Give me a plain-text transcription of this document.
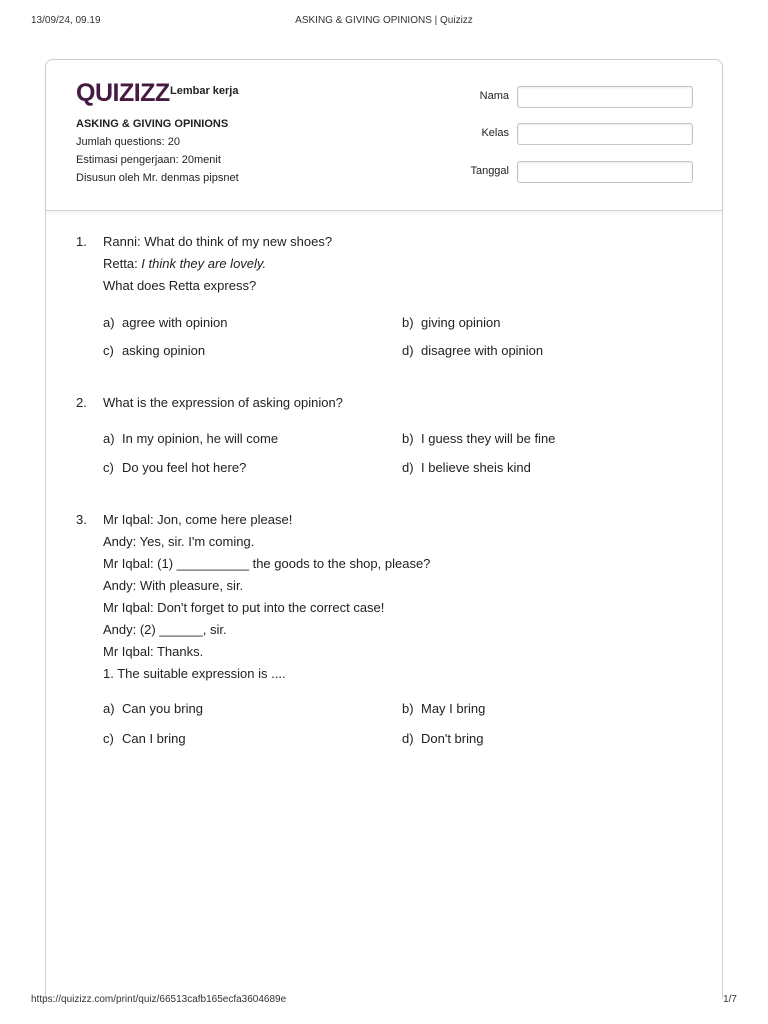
13/09/24, 09.19	ASKING & GIVING OPINIONS | Quizizz
QUIZIZZ Lembar kerja
ASKING & GIVING OPINIONS
Jumlah questions: 20
Estimasi pengerjaan: 20menit
Disusun oleh Mr. denmas pipsnet
Nama
Kelas
Tanggal
1. Ranni: What do think of my new shoes?
Retta: I think they are lovely.
What does Retta express?
a) agree with opinion	b) giving opinion
c) asking opinion	d) disagree with opinion
2. What is the expression of asking opinion?
a) In my opinion, he will come	b) I guess they will be fine
c) Do you feel hot here?	d) I believe sheis kind
3. Mr Iqbal: Jon, come here please!
Andy: Yes, sir. I'm coming.
Mr Iqbal: (1) __________ the goods to the shop, please?
Andy: With pleasure, sir.
Mr Iqbal: Don't forget to put into the correct case!
Andy: (2) ______, sir.
Mr Iqbal: Thanks.
1. The suitable expression is ....
a) Can you bring	b) May I bring
c) Can I bring	d) Don't bring
https://quizizz.com/print/quiz/66513cafb165ecfa3604689e	1/7
